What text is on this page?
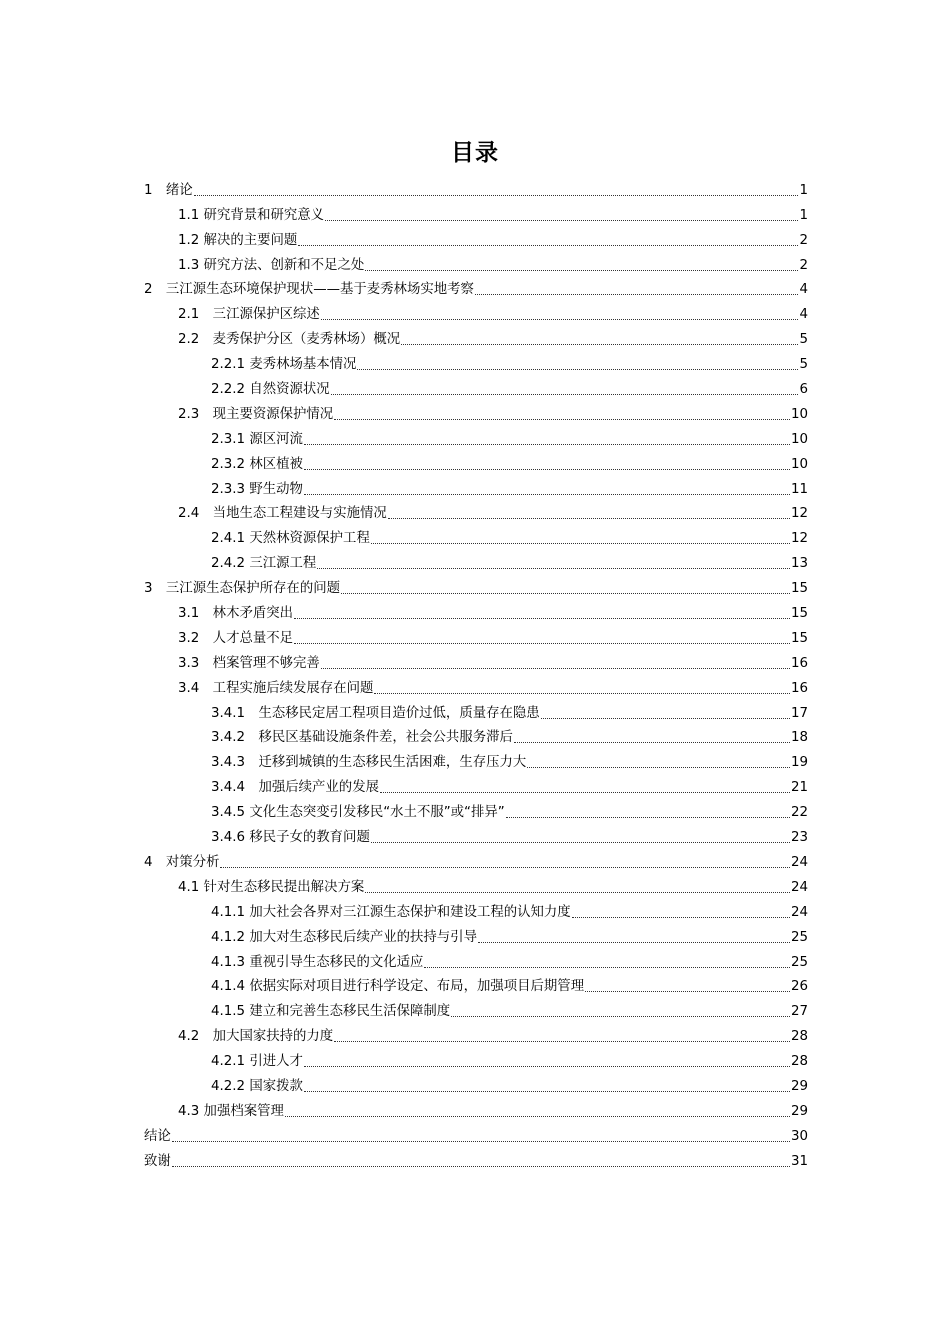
目录
1　绪论	1
1.1 研究背景和研究意义	1
1.2 解决的主要问题	2
1.3 研究方法、创新和不足之处	2
2　三江源生态环境保护现状——基于麦秀林场实地考察	4
2.1　三江源保护区综述	4
2.2　麦秀保护分区（麦秀林场）概况	5
2.2.1 麦秀林场基本情况	5
2.2.2 自然资源状况	6
2.3　现主要资源保护情况	10
2.3.1 源区河流	10
2.3.2 林区植被	10
2.3.3 野生动物	11
2.4　当地生态工程建设与实施情况	12
2.4.1 天然林资源保护工程	12
2.4.2 三江源工程	13
3　三江源生态保护所存在的问题	15
3.1　林木矛盾突出	15
3.2　人才总量不足	15
3.3　档案管理不够完善	16
3.4　工程实施后续发展存在问题	16
3.4.1　生态移民定居工程项目造价过低，质量存在隐患	17
3.4.2　移民区基础设施条件差，社会公共服务滞后	18
3.4.3　迁移到城镇的生态移民生活困难，生存压力大	19
3.4.4　加强后续产业的发展	21
3.4.5 文化生态突变引发移民“水土不服”或“排异”	22
3.4.6 移民子女的教育问题	23
4　对策分析	24
4.1 针对生态移民提出解决方案	24
4.1.1 加大社会各界对三江源生态保护和建设工程的认知力度	24
4.1.2 加大对生态移民后续产业的扶持与引导	25
4.1.3 重视引导生态移民的文化适应	25
4.1.4 依据实际对项目进行科学设定、布局，加强项目后期管理	26
4.1.5 建立和完善生态移民生活保障制度	27
4.2　加大国家扶持的力度	28
4.2.1 引进人才	28
4.2.2 国家拨款	29
4.3 加强档案管理	29
结论	30
致谢	31
